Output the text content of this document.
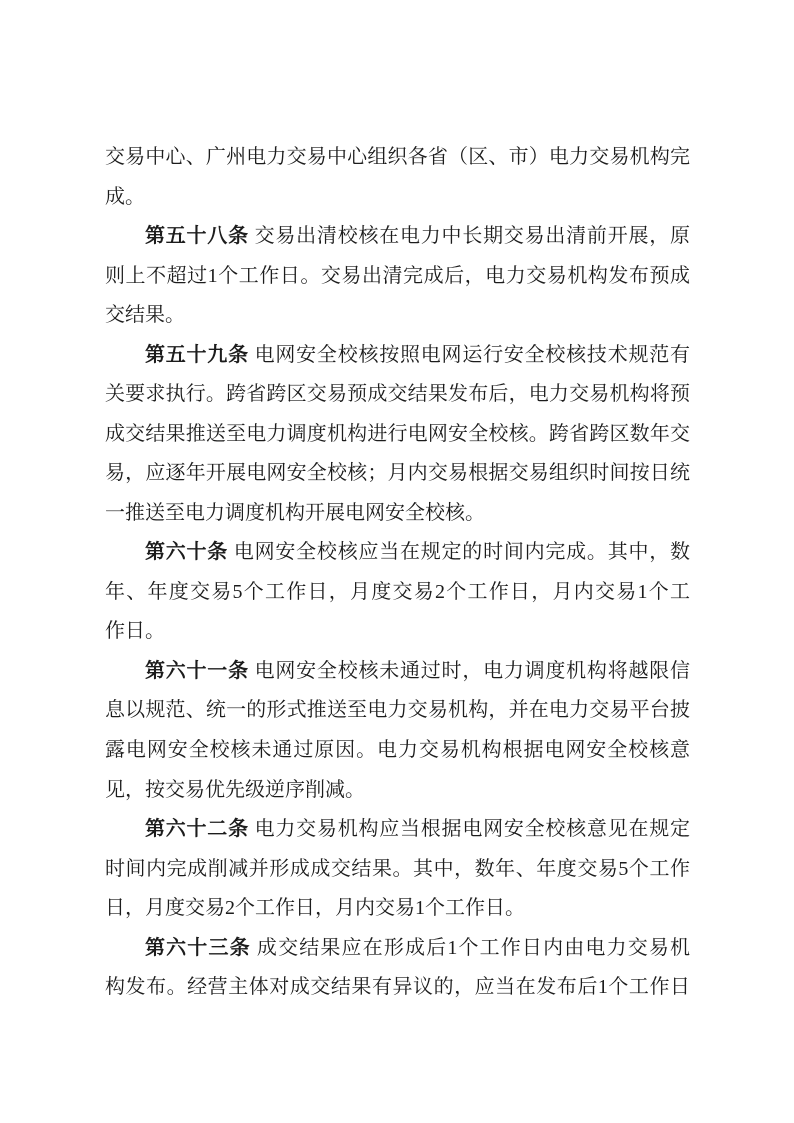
交易中心、广州电力交易中心组织各省（区、市）电力交易机构完
成。
第五十八条 交易出清校核在电力中长期交易出清前开展，原
则上不超过1个工作日。交易出清完成后，电力交易机构发布预成
交结果。
第五十九条 电网安全校核按照电网运行安全校核技术规范有
关要求执行。跨省跨区交易预成交结果发布后，电力交易机构将预
成交结果推送至电力调度机构进行电网安全校核。跨省跨区数年交
易，应逐年开展电网安全校核；月内交易根据交易组织时间按日统
一推送至电力调度机构开展电网安全校核。
第六十条 电网安全校核应当在规定的时间内完成。其中，数
年、年度交易5个工作日，月度交易2个工作日，月内交易1个工
作日。
第六十一条 电网安全校核未通过时，电力调度机构将越限信
息以规范、统一的形式推送至电力交易机构，并在电力交易平台披
露电网安全校核未通过原因。电力交易机构根据电网安全校核意
见，按交易优先级逆序削减。
第六十二条 电力交易机构应当根据电网安全校核意见在规定
时间内完成削减并形成成交结果。其中，数年、年度交易5个工作
日，月度交易2个工作日，月内交易1个工作日。
第六十三条 成交结果应在形成后1个工作日内由电力交易机
构发布。经营主体对成交结果有异议的，应当在发布后1个工作日
